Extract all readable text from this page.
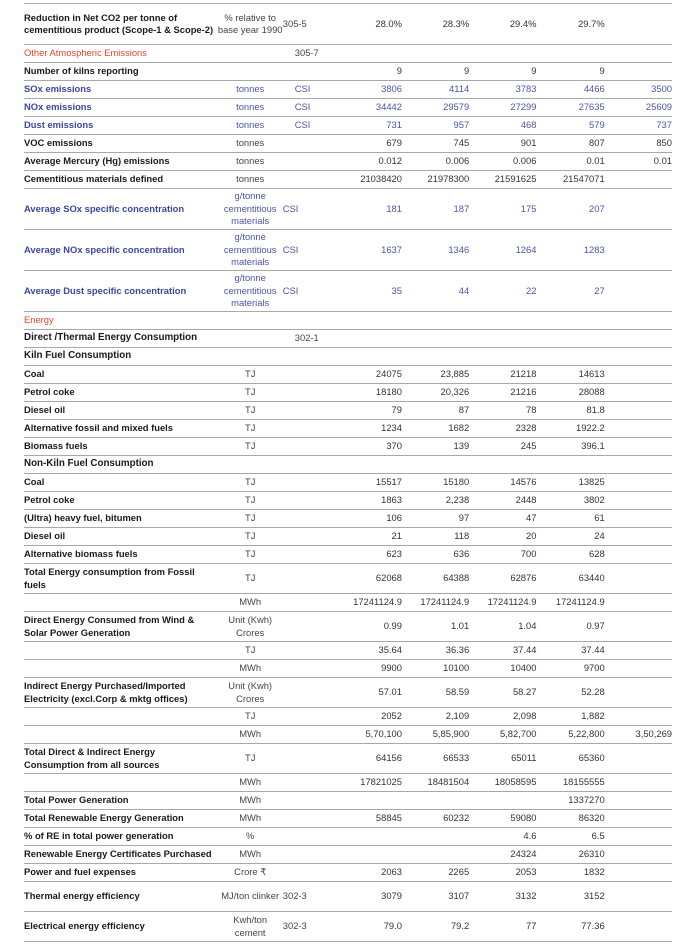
Reduction in Net CO2 per tonne of cementitious product (Scope-1 & Scope-2)	% relative to base year 1990	305-5	28.0%	28.3%	29.4%	29.7%	
Other Atmospheric Emissions		305-7					
Number of kilns reporting			9	9	9	9	
SOx emissions	tonnes	CSI	3806	4114	3783	4466	3500
NOx emissions	tonnes	CSI	34442	29579	27299	27635	25609
Dust emissions	tonnes	CSI	731	957	468	579	737
VOC emissions	tonnes		679	745	901	807	850
Average Mercury (Hg) emissions	tonnes		0.012	0.006	0.006	0.01	0.01
Cementitious materials defined	tonnes		21038420	21978300	21591625	21547071	
Average SOx specific concentration	g/tonne cementitious materials	CSI	181	187	175	207	
Average NOx specific concentration	g/tonne cementitious materials	CSI	1637	1346	1264	1283	
Average Dust specific concentration	g/tonne cementitious materials	CSI	35	44	22	27	
Energy							
Direct /Thermal Energy Consumption		302-1					
Kiln Fuel Consumption							
Coal	TJ		24075	23,885	21218	14613	
Petrol coke	TJ		18180	20,326	21216	28088	
Diesel oil	TJ		79	87	78	81.8	
Alternative fossil and mixed fuels	TJ		1234	1682	2328	1922.2	
Biomass fuels	TJ		370	139	245	396.1	
Non-Kiln Fuel Consumption							
Coal	TJ		15517	15180	14576	13825	
Petrol coke	TJ		1863	2,238	2448	3802	
(Ultra) heavy fuel, bitumen	TJ		106	97	47	61	
Diesel oil	TJ		21	118	20	24	
Alternative biomass fuels	TJ		623	636	700	628	
Total Energy consumption from Fossil fuels	TJ		62068	64388	62876	63440	
	MWh		17241124.9	17241124.9	17241124.9	17241124.9	
Direct Energy Consumed from Wind & Solar Power Generation	Unit (Kwh) Crores		0.99	1.01	1.04	0.97	
	TJ		35.64	36.36	37.44	37.44	
	MWh		9900	10100	10400	9700	
Indirect Energy Purchased/Imported Electricity (excl.Corp & mktg offices)	Unit (Kwh) Crores		57.01	58.59	58.27	52.28	
	TJ		2052	2,109	2,098	1,882	
	MWh		5,70,100	5,85,900	5,82,700	5,22,800	3,50,269
Total Direct & Indirect Energy Consumption from all sources	TJ		64156	66533	65011	65360	
	MWh		17821025	18481504	18058595	18155555	
Total Power Generation	MWh					1337270	
Total Renewable Energy Generation	MWh		58845	60232	59080	86320	
% of RE in total power generation	%				4.6	6.5	
Renewable Energy Certificates Purchased	MWh				24324	26310	
Power and fuel expenses	Crore ₹		2063	2265	2053	1832	
Thermal energy efficiency	MJ/ton clinker	302-3	3079	3107	3132	3152	
Electrical energy efficiency	Kwh/ton cement	302-3	79.0	79.2	77	77.36	
